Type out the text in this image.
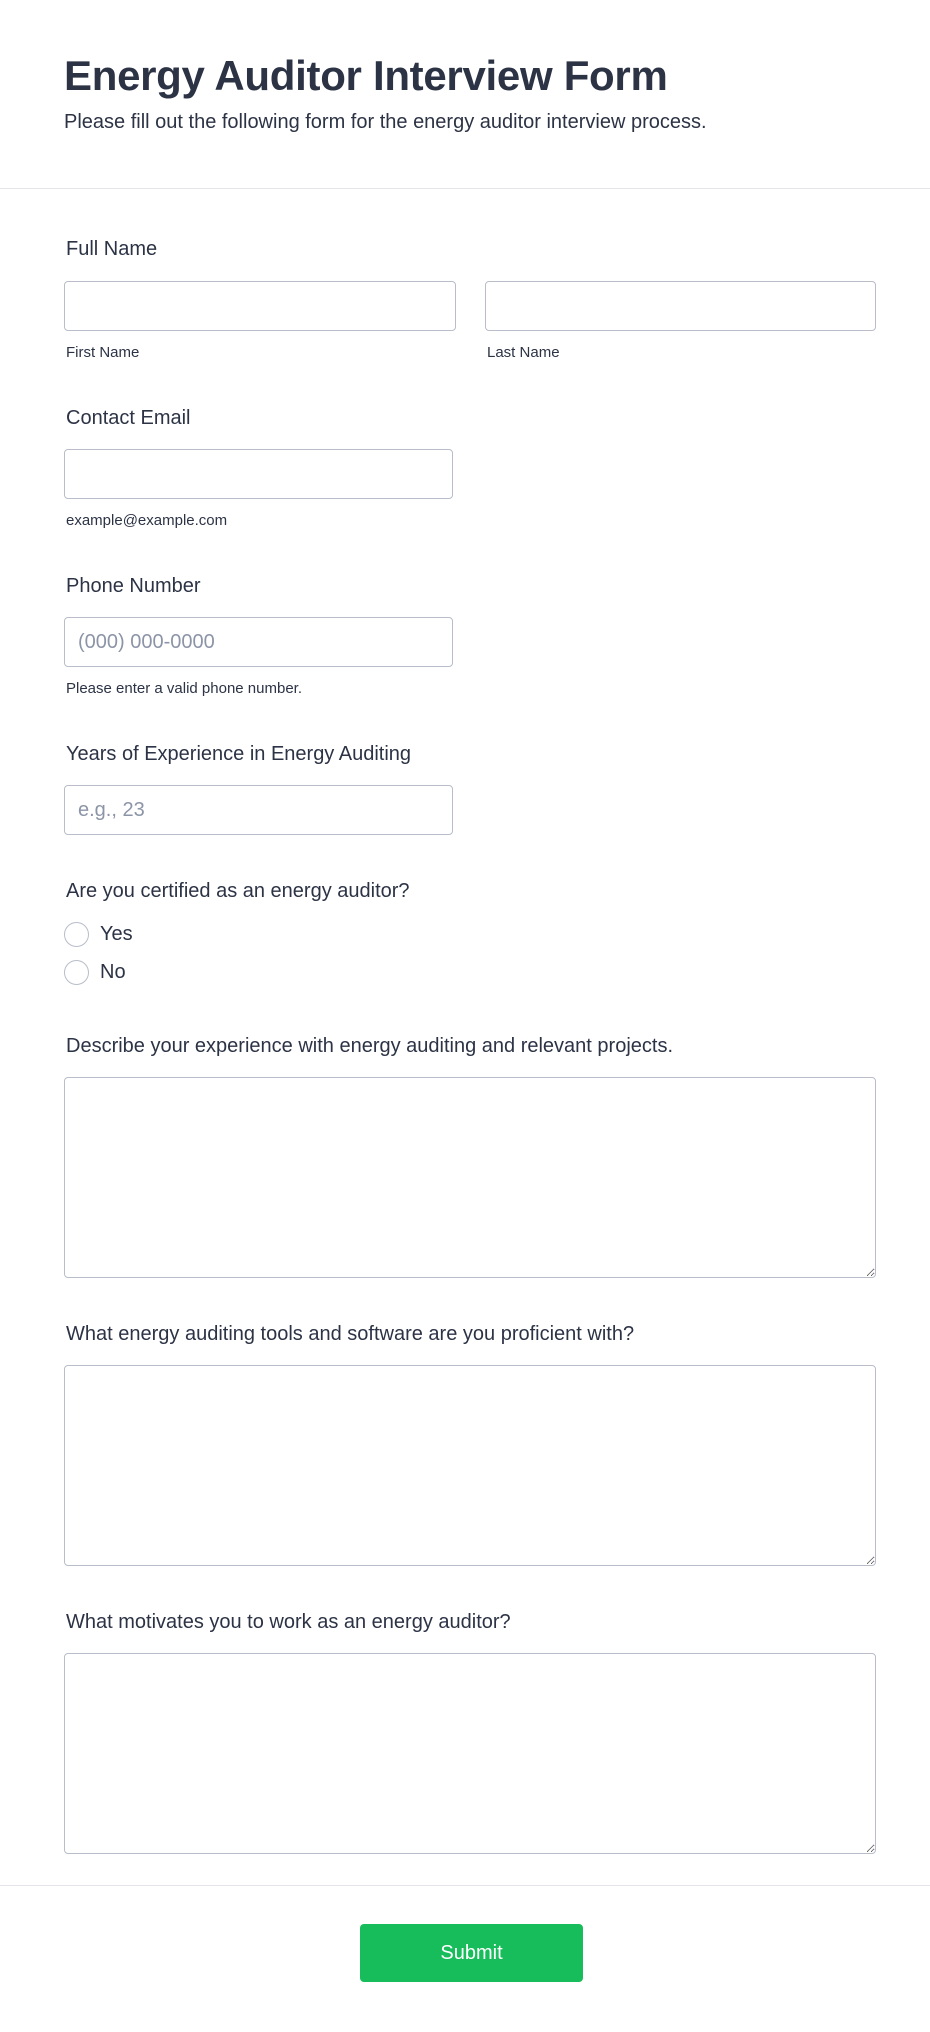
Energy Auditor Interview Form
Please fill out the following form for the energy auditor interview process.
Full Name
First Name	Last Name
Contact Email
example@example.com
Phone Number
(000) 000-0000
Please enter a valid phone number.
Years of Experience in Energy Auditing
e.g., 23
Are you certified as an energy auditor?
Yes
No
Describe your experience with energy auditing and relevant projects.
What energy auditing tools and software are you proficient with?
What motivates you to work as an energy auditor?
Submit
